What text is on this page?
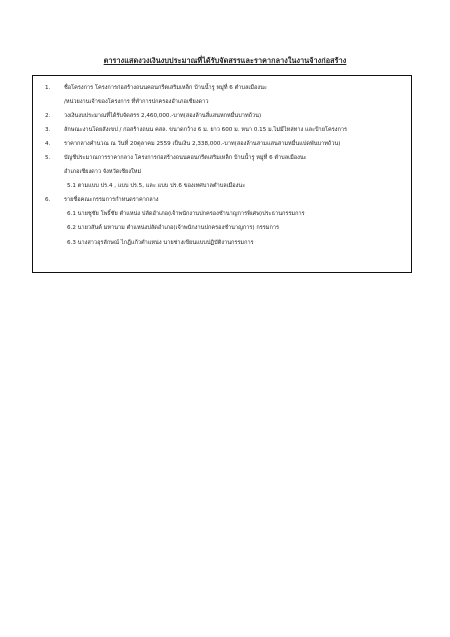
ตารางแสดงวงเงินงบประมาณที่ได้รับจัดสรรและราคากลางในงานจ้างก่อสร้าง
1. ชื่อโครงการ โครงการก่อสร้างถนนคอนกรีตเสริมเหล็ก บ้านน้ำรู หมู่ที่ 6 ตำบลเมืองนะ
/หน่วยงานเจ้าของโครงการ ที่ทำการปกครองอำเภอเชียงดาว
2. วงเงินงบประมาณที่ได้รับจัดสรร 2,460,000.-บาท(สองล้านสี่แสนหกหมื่นบาทถ้วน)
3. ลักษณะงานโดยสังเขป / ก่อสร้างถนน คสล. ขนาดกว้าง 6 ม. ยาว 600 ม. หนา 0.15 ม.ไม่มีไหล่ทาง และป้ายโครงการ
4. ราคากลางคำนวณ ณ วันที่ 20ตุลาคม 2559 เป็นเงิน 2,338,000.-บาท(สองล้านสามแสนสามหมื่นแปดพันบาทถ้วน)
5. บัญชีประมาณการราคากลาง โครงการก่อสร้างถนนคอนกรีตเสริมเหล็ก บ้านน้ำรู หมู่ที่ 6 ตำบลเมืองนะ
อำเภอเชียงดาว จังหวัดเชียงใหม่
5.1 ตามแบบ ปร.4 , แบบ ปร.5, และ แบบ ปร.6 ของเทศบาลตำบลเมืองนะ
6. รายชื่อคณะกรรมการกำหนดราคากลาง
6.1 นายชูชัย โพธิ์ชัย ตำแหน่ง ปลัดอำเภอ(เจ้าพนักงานปกครองชำนาญการพิเศษ)ประธานกรรมการ
6.2 นายวสันต์ มหานาม ตำแหน่งปลัดอำเภอ(เจ้าพนักงานปกครองชำนาญการ) กรรมการ
6.3 นางสาวอุรลักษณ์ ไกฎีแก้วตำแหน่ง นายช่างเขียนแบบปฏิบัติงานกรรมการ
